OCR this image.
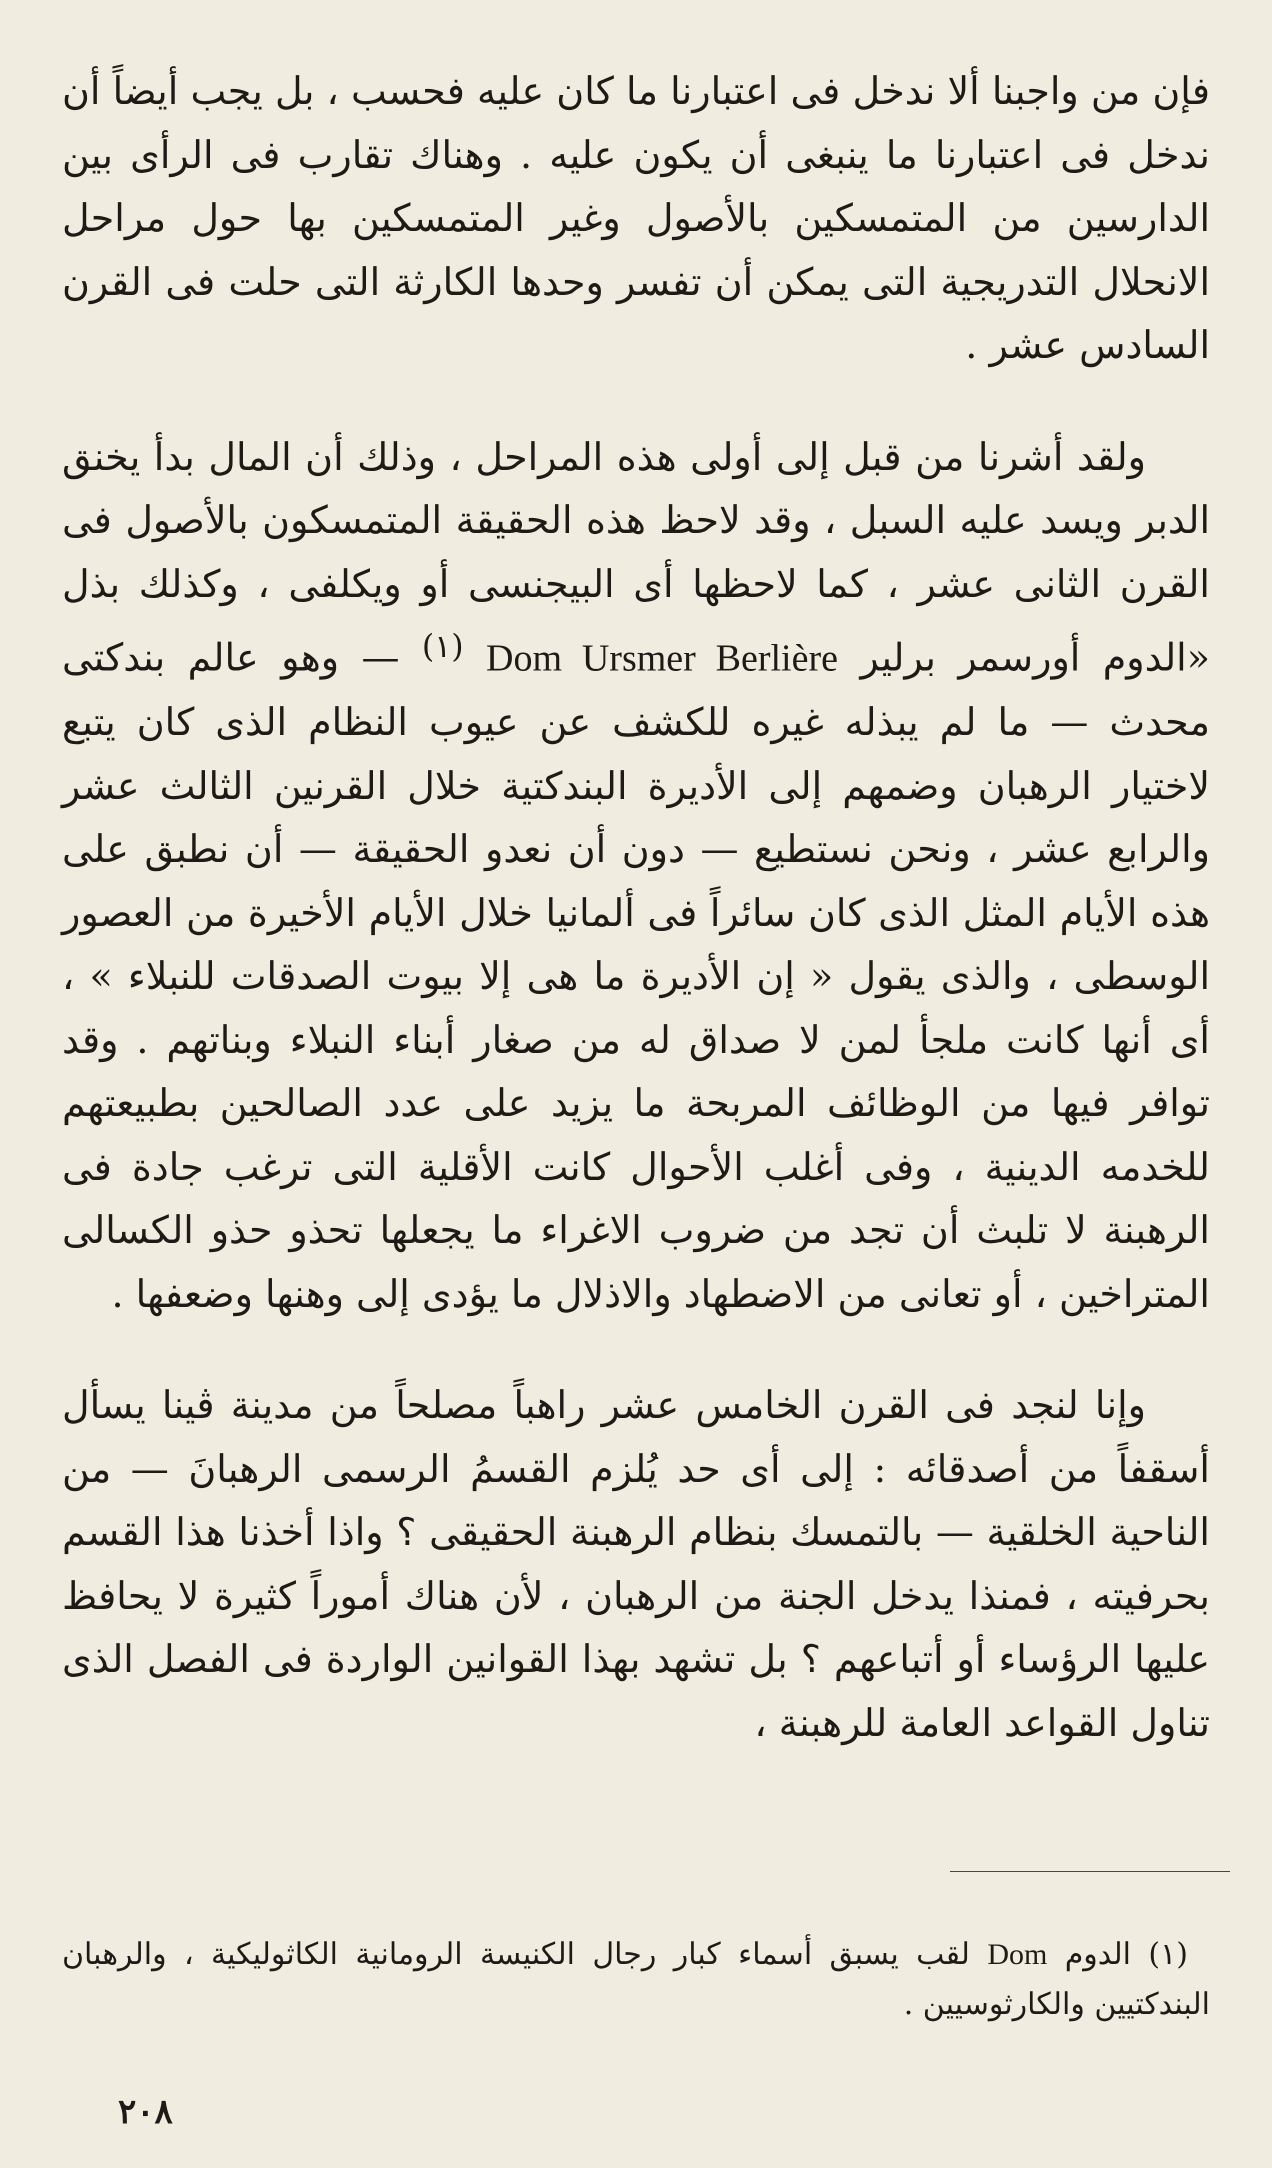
فإن من واجبنا ألا ندخل فى اعتبارنا ما كان عليه فحسب ، بل يجب أيضاً أن ندخل فى اعتبارنا ما ينبغى أن يكون عليه . وهناك تقارب فى الرأى بين الدارسين من المتمسكين بالأصول وغير المتمسكين بها حول مراحل الانحلال التدريجية التى يمكن أن تفسر وحدها الكارثة التى حلت فى القرن السادس عشر .

ولقد أشرنا من قبل إلى أولى هذه المراحل ، وذلك أن المال بدأ يخنق الدبر ويسد عليه السبل ، وقد لاحظ هذه الحقيقة المتمسكون بالأصول فى القرن الثانى عشر ، كما لاحظها أى البيجنسى أو ويكلفى ، وكذلك بذل «الدوم أورسمر برلير Dom Ursmer Berlière $^{(١)}$ — وهو عالم بندكتى محدث — ما لم يبذله غيره للكشف عن عيوب النظام الذى كان يتبع لاختيار الرهبان وضمهم إلى الأديرة البندكتية خلال القرنين الثالث عشر والرابع عشر ، ونحن نستطيع — دون أن نعدو الحقيقة — أن نطبق على هذه الأيام المثل الذى كان سائراً فى ألمانيا خلال الأيام الأخيرة من العصور الوسطى ، والذى يقول « إن الأديرة ما هى إلا بيوت الصدقات للنبلاء » ، أى أنها كانت ملجأ لمن لا صداق له من صغار أبناء النبلاء وبناتهم . وقد توافر فيها من الوظائف المربحة ما يزيد على عدد الصالحين بطبيعتهم للخدمه الدينية ، وفى أغلب الأحوال كانت الأقلية التى ترغب جادة فى الرهبنة لا تلبث أن تجد من ضروب الاغراء ما يجعلها تحذو حذو الكسالى المتراخين ، أو تعانى من الاضطهاد والاذلال ما يؤدى إلى وهنها وضعفها .

وإنا لنجد فى القرن الخامس عشر راهباً مصلحاً من مدينة ڤينا يسأل أسقفاً من أصدقائه : إلى أى حد يُلزم القسمُ الرسمى الرهبانَ — من الناحية الخلقية — بالتمسك بنظام الرهبنة الحقيقى ؟ واذا أخذنا هذا القسم بحرفيته ، فمنذا يدخل الجنة من الرهبان ، لأن هناك أموراً كثيرة لا يحافظ عليها الرؤساء أو أتباعهم ؟ بل تشهد بهذا القوانين الواردة فى الفصل الذى تناول القواعد العامة للرهبنة ،

(١) الدوم Dom لقب يسبق أسماء كبار رجال الكنيسة الرومانية الكاثوليكية ، والرهبان البندكتيين والكارثوسيين .

٢٠٨
